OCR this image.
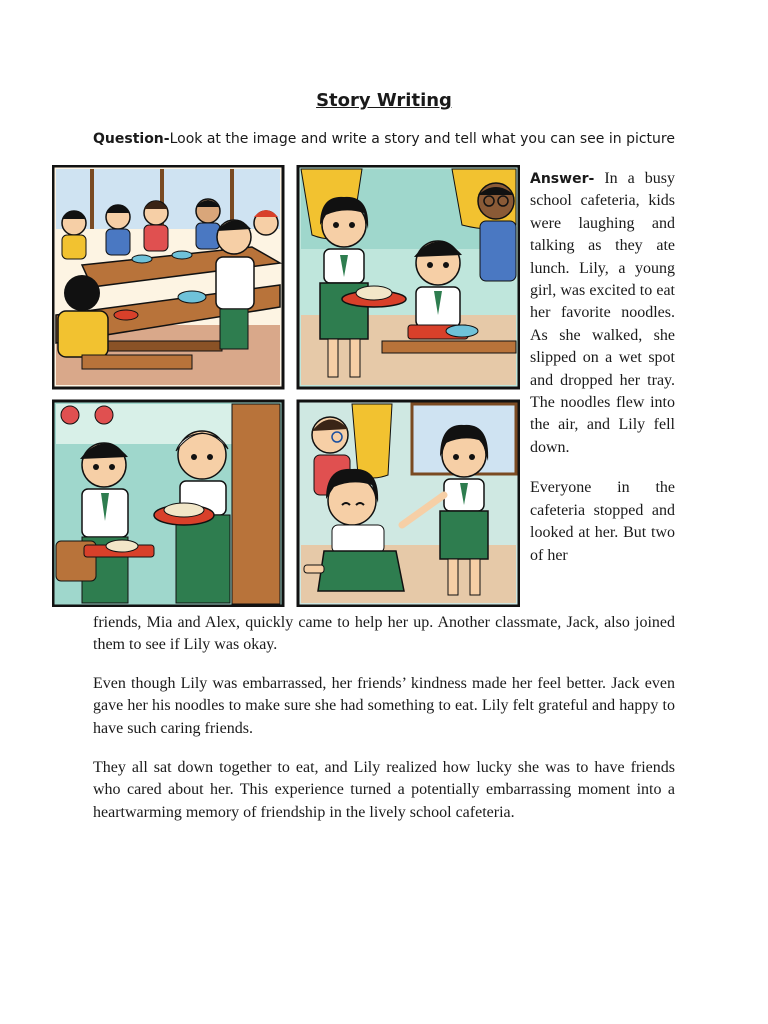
Story Writing

Question-Look at the image and write a story and tell what you can see in picture

Answer- In a busy school cafeteria, kids were laughing and talking as they ate lunch. Lily, a young girl, was excited to eat her favorite noodles. As she walked, she slipped on a wet spot and dropped her tray. The noodles flew into the air, and Lily fell down.

Everyone in the cafeteria stopped and looked at her. But two of her

friends, Mia and Alex, quickly came to help her up. Another classmate, Jack, also joined them to see if Lily was okay.

Even though Lily was embarrassed, her friends’ kindness made her feel better. Jack even gave her his noodles to make sure she had something to eat. Lily felt grateful and happy to have such caring friends.

They all sat down together to eat, and Lily realized how lucky she was to have friends who cared about her. This experience turned a potentially embarrassing moment into a heartwarming memory of friendship in the lively school cafeteria.
